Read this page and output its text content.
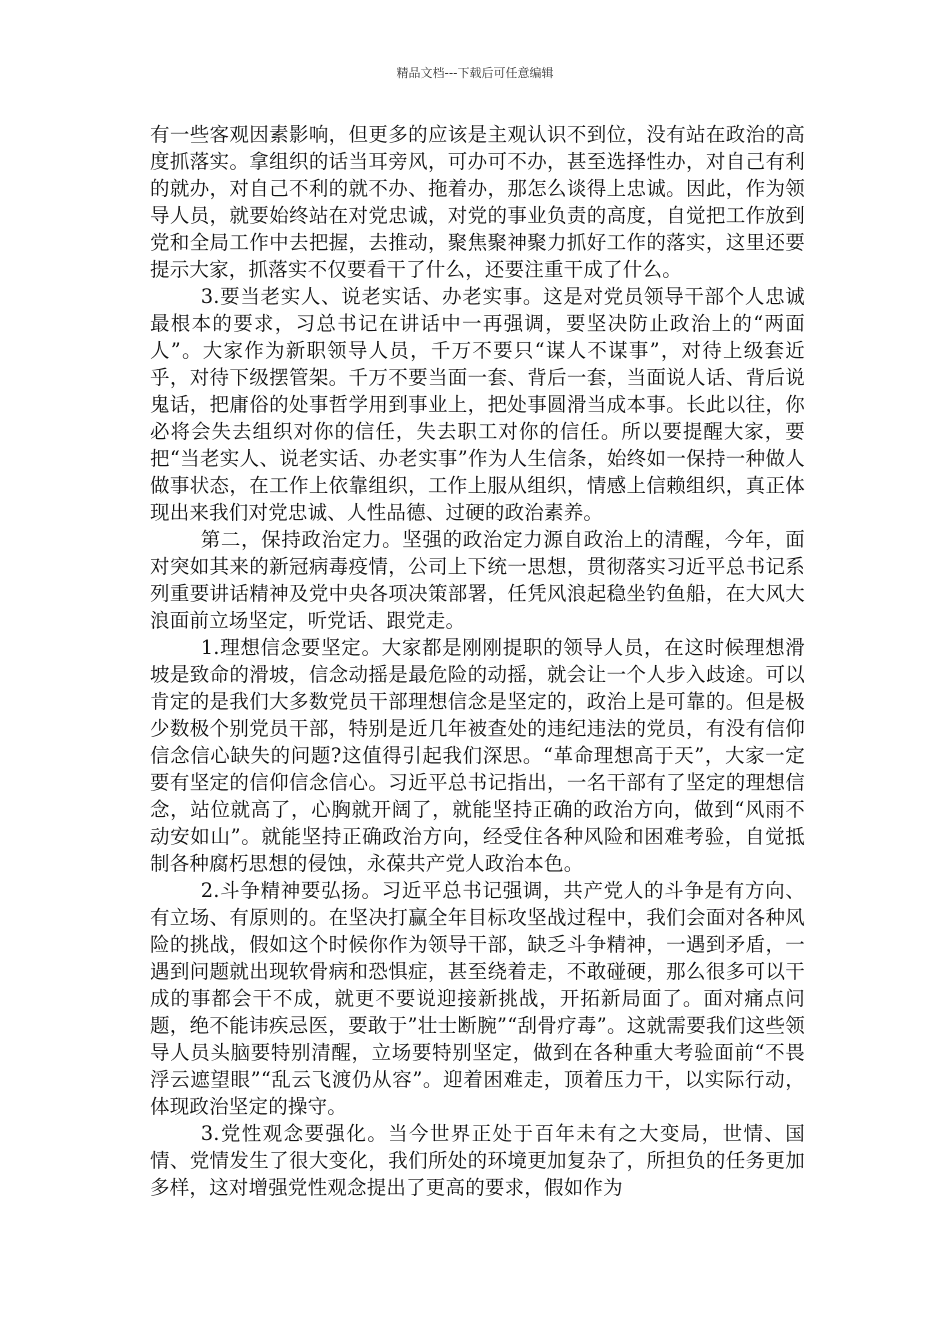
精品文档---下载后可任意编辑

有一些客观因素影响，但更多的应该是主观认识不到位，没有站在政治的高度抓落实。拿组织的话当耳旁风，可办可不办，甚至选择性办，对自己有利的就办，对自己不利的就不办、拖着办，那怎么谈得上忠诚。因此，作为领导人员，就要始终站在对党忠诚，对党的事业负责的高度，自觉把工作放到党和全局工作中去把握，去推动，聚焦聚神聚力抓好工作的落实，这里还要提示大家，抓落实不仅要看干了什么，还要注重干成了什么。

3.要当老实人、说老实话、办老实事。这是对党员领导干部个人忠诚最根本的要求，习总书记在讲话中一再强调，要坚决防止政治上的“两面人”。大家作为新职领导人员，千万不要只“谋人不谋事”，对待上级套近乎，对待下级摆管架。千万不要当面一套、背后一套，当面说人话、背后说鬼话，把庸俗的处事哲学用到事业上，把处事圆滑当成本事。长此以往，你必将会失去组织对你的信任，失去职工对你的信任。所以要提醒大家，要把“当老实人、说老实话、办老实事”作为人生信条，始终如一保持一种做人做事状态，在工作上依靠组织，工作上服从组织，情感上信赖组织，真正体现出来我们对党忠诚、人性品德、过硬的政治素养。

第二，保持政治定力。坚强的政治定力源自政治上的清醒，今年，面对突如其来的新冠病毒疫情，公司上下统一思想，贯彻落实习近平总书记系列重要讲话精神及党中央各项决策部署，任凭风浪起稳坐钓鱼船，在大风大浪面前立场坚定，听党话、跟党走。

1.理想信念要坚定。大家都是刚刚提职的领导人员，在这时候理想滑坡是致命的滑坡，信念动摇是最危险的动摇，就会让一个人步入歧途。可以肯定的是我们大多数党员干部理想信念是坚定的，政治上是可靠的。但是极少数极个别党员干部，特别是近几年被查处的违纪违法的党员，有没有信仰信念信心缺失的问题?这值得引起我们深思。“革命理想高于天”，大家一定要有坚定的信仰信念信心。习近平总书记指出，一名干部有了坚定的理想信念，站位就高了，心胸就开阔了，就能坚持正确的政治方向，做到“风雨不动安如山”。就能坚持正确政治方向，经受住各种风险和困难考验，自觉抵制各种腐朽思想的侵蚀，永葆共产党人政治本色。

2.斗争精神要弘扬。习近平总书记强调，共产党人的斗争是有方向、有立场、有原则的。在坚决打赢全年目标攻坚战过程中，我们会面对各种风险的挑战，假如这个时候你作为领导干部，缺乏斗争精神，一遇到矛盾，一遇到问题就出现软骨病和恐惧症，甚至绕着走，不敢碰硬，那么很多可以干成的事都会干不成，就更不要说迎接新挑战，开拓新局面了。面对痛点问题，绝不能讳疾忌医，要敢于”壮士断腕”“刮骨疗毒”。这就需要我们这些领导人员头脑要特别清醒，立场要特别坚定，做到在各种重大考验面前“不畏浮云遮望眼”“乱云飞渡仍从容”。迎着困难走，顶着压力干，以实际行动，体现政治坚定的操守。

3.党性观念要强化。当今世界正处于百年未有之大变局，世情、国情、党情发生了很大变化，我们所处的环境更加复杂了，所担负的任务更加多样，这对增强党性观念提出了更高的要求，假如作为
